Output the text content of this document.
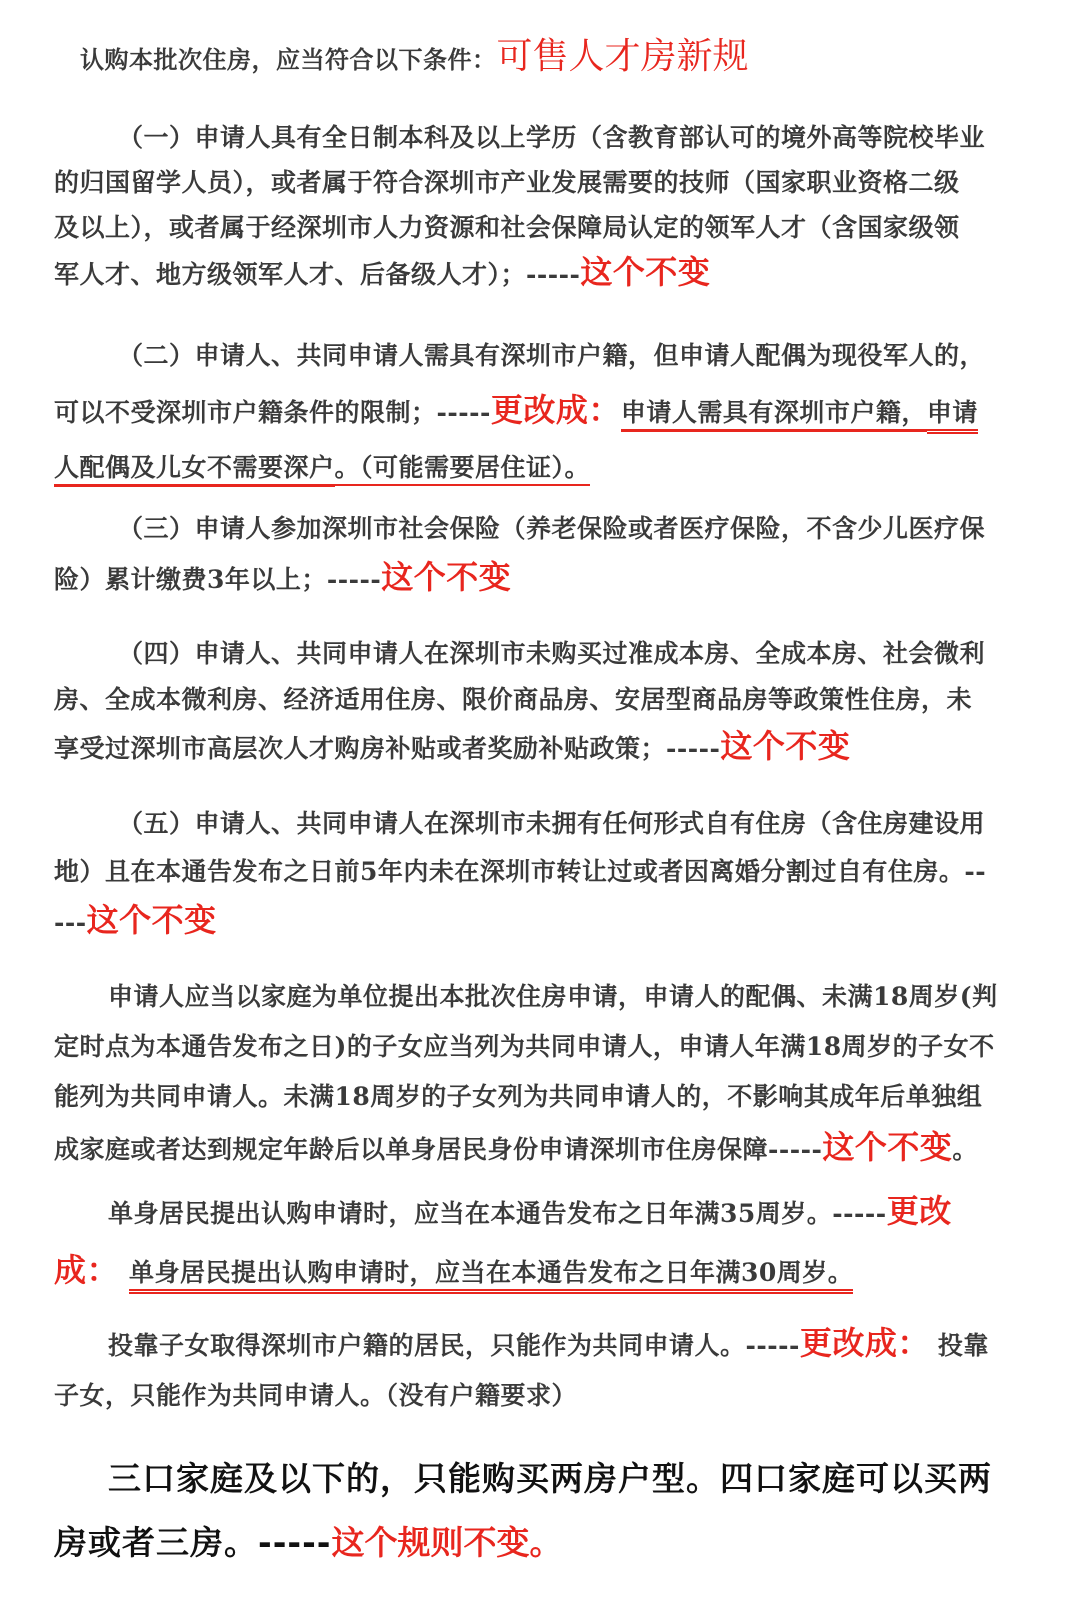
认购本批次住房，应当符合以下条件：可售人才房新规
（一）申请人具有全日制本科及以上学历（含教育部认可的境外高等院校毕业
的归国留学人员），或者属于符合深圳市产业发展需要的技师（国家职业资格二级
及以上），或者属于经深圳市人力资源和社会保障局认定的领军人才（含国家级领
军人才、地方级领军人才、后备级人才）；-----这个不变
（二）申请人、共同申请人需具有深圳市户籍，但申请人配偶为现役军人的，
可以不受深圳市户籍条件的限制；-----更改成：申请人需具有深圳市户籍，申请
人配偶及儿女不需要深户。（可能需要居住证）。
（三）申请人参加深圳市社会保险（养老保险或者医疗保险，不含少儿医疗保
险）累计缴费3年以上；-----这个不变
（四）申请人、共同申请人在深圳市未购买过准成本房、全成本房、社会微利
房、全成本微利房、经济适用住房、限价商品房、安居型商品房等政策性住房，未
享受过深圳市高层次人才购房补贴或者奖励补贴政策；-----这个不变
（五）申请人、共同申请人在深圳市未拥有任何形式自有住房（含住房建设用
地）且在本通告发布之日前5年内未在深圳市转让过或者因离婚分割过自有住房。--
---这个不变
申请人应当以家庭为单位提出本批次住房申请，申请人的配偶、未满18周岁(判
定时点为本通告发布之日)的子女应当列为共同申请人，申请人年满18周岁的子女不
能列为共同申请人。未满18周岁的子女列为共同申请人的，不影响其成年后单独组
成家庭或者达到规定年龄后以单身居民身份申请深圳市住房保障-----这个不变。
单身居民提出认购申请时，应当在本通告发布之日年满35周岁。-----更改
成： 单身居民提出认购申请时，应当在本通告发布之日年满30周岁。
投靠子女取得深圳市户籍的居民，只能作为共同申请人。-----更改成： 投靠
子女，只能作为共同申请人。（没有户籍要求）
三口家庭及以下的，只能购买两房户型。四口家庭可以买两
房或者三房。-----这个规则不变。
